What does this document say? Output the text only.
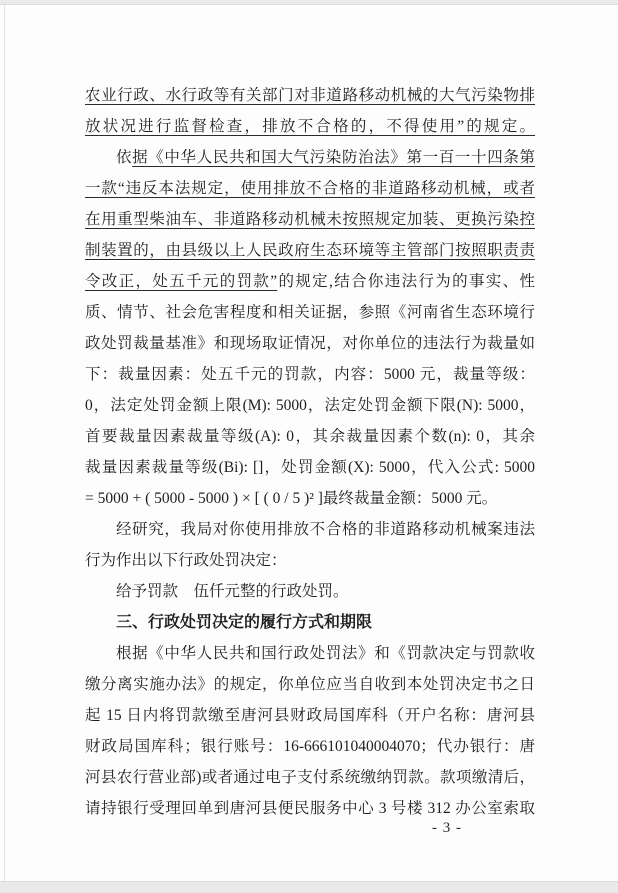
农业行政、水行政等有关部门对非道路移动机械的大气污染物排
放状况进行监督检查，排放不合格的，不得使用”的规定。
依据《中华人民共和国大气污染防治法》第一百一十四条第
一款“违反本法规定，使用排放不合格的非道路移动机械，或者
在用重型柴油车、非道路移动机械未按照规定加装、更换污染控
制装置的，由县级以上人民政府生态环境等主管部门按照职责责
令改正，处五千元的罚款”的规定,结合你违法行为的事实、性
质、情节、社会危害程度和相关证据，参照《河南省生态环境行
政处罚裁量基准》和现场取证情况，对你单位的违法行为裁量如
下：裁量因素：处五千元的罚款，内容：5000 元，裁量等级：
0，法定处罚金额上限(M): 5000，法定处罚金额下限(N): 5000，
首要裁量因素裁量等级(A): 0，其余裁量因素个数(n): 0，其余
裁量因素裁量等级(Bi): []，处罚金额(X): 5000，代入公式: 5000
= 5000 + ( 5000 - 5000 ) × [ ( 0 / 5 )² ]最终裁量金额：5000 元。
经研究，我局对你使用排放不合格的非道路移动机械案违法
行为作出以下行政处罚决定：
给予罚款　伍仟元整的行政处罚。
三、行政处罚决定的履行方式和期限
根据《中华人民共和国行政处罚法》和《罚款决定与罚款收
缴分离实施办法》的规定，你单位应当自收到本处罚决定书之日
起 15 日内将罚款缴至唐河县财政局国库科（开户名称：唐河县
财政局国库科；银行账号：16-666101040004070；代办银行：唐
河县农行营业部)或者通过电子支付系统缴纳罚款。款项缴清后，
请持银行受理回单到唐河县便民服务中心 3 号楼 312 办公室索取
- 3 -
